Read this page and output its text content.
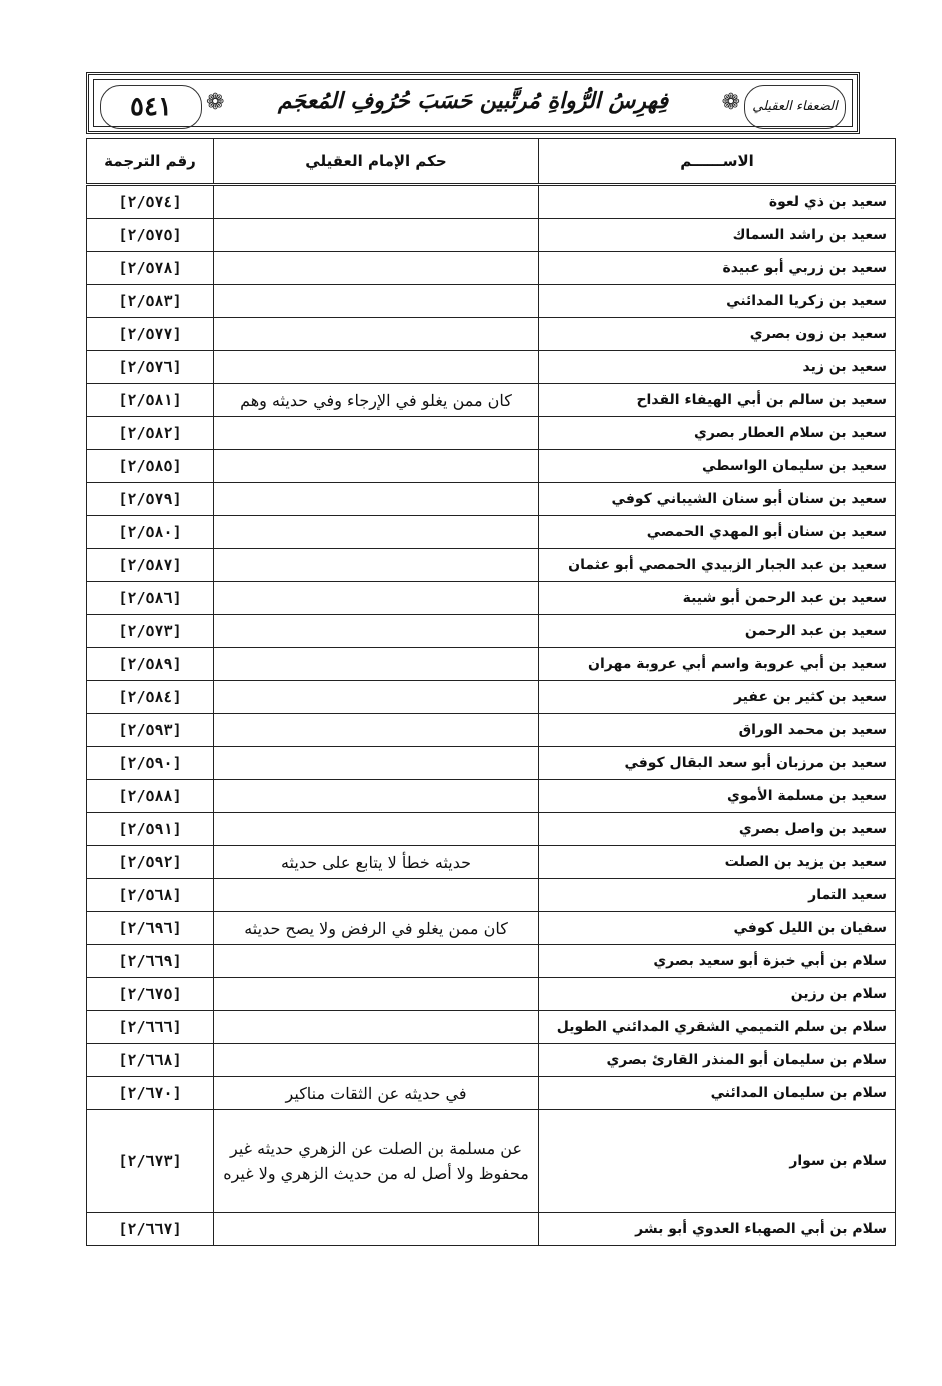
٥٤١ ❁	فِهرِسُ الرُّواةِ مُرتَّبين حَسَبَ حُرُوفِ المُعجَم	❁ الضعفاء العقيلي
الاســــــم	حكم الإمام العقيلي	رقم الترجمة
سعيد بن ذي لعوة		[٢/٥٧٤]
سعيد بن راشد السماك		[٢/٥٧٥]
سعيد بن زربي أبو عبيدة		[٢/٥٧٨]
سعيد بن زكريا المدائني		[٢/٥٨٣]
سعيد بن زون بصري		[٢/٥٧٧]
سعيد بن زيد		[٢/٥٧٦]
سعيد بن سالم بن أبي الهيفاء القداح	كان ممن يغلو في الإرجاء وفي حديثه وهم	[٢/٥٨١]
سعيد بن سلام العطار بصري		[٢/٥٨٢]
سعيد بن سليمان الواسطي		[٢/٥٨٥]
سعيد بن سنان أبو سنان الشيباني كوفي		[٢/٥٧٩]
سعيد بن سنان أبو المهدي الحمصي		[٢/٥٨٠]
سعيد بن عبد الجبار الزبيدي الحمصي أبو عثمان		[٢/٥٨٧]
سعيد بن عبد الرحمن أبو شيبة		[٢/٥٨٦]
سعيد بن عبد الرحمن		[٢/٥٧٣]
سعيد بن أبي عروبة واسم أبي عروبة مهران		[٢/٥٨٩]
سعيد بن كثير بن عفير		[٢/٥٨٤]
سعيد بن محمد الوراق		[٢/٥٩٣]
سعيد بن مرزبان أبو سعد البقال كوفي		[٢/٥٩٠]
سعيد بن مسلمة الأموي		[٢/٥٨٨]
سعيد بن واصل بصري		[٢/٥٩١]
سعيد بن يزيد بن الصلت	حديثه خطأ لا يتابع على حديثه	[٢/٥٩٢]
سعيد التمار		[٢/٥٦٨]
سفيان بن الليل كوفي	كان ممن يغلو في الرفض ولا يصح حديثه	[٢/٦٩٦]
سلام بن أبي خبزة أبو سعيد بصري		[٢/٦٦٩]
سلام بن رزين		[٢/٦٧٥]
سلام بن سلم التميمي الشقري المدائني الطويل		[٢/٦٦٦]
سلام بن سليمان أبو المنذر القارئ بصري		[٢/٦٦٨]
سلام بن سليمان المدائني	في حديثه عن الثقات مناكير	[٢/٦٧٠]
سلام بن سوار	عن مسلمة بن الصلت عن الزهري حديثه غير محفوظ ولا أصل له من حديث الزهري ولا غيره	[٢/٦٧٣]
سلام بن أبي الصهباء العدوي أبو بشر		[٢/٦٦٧]
